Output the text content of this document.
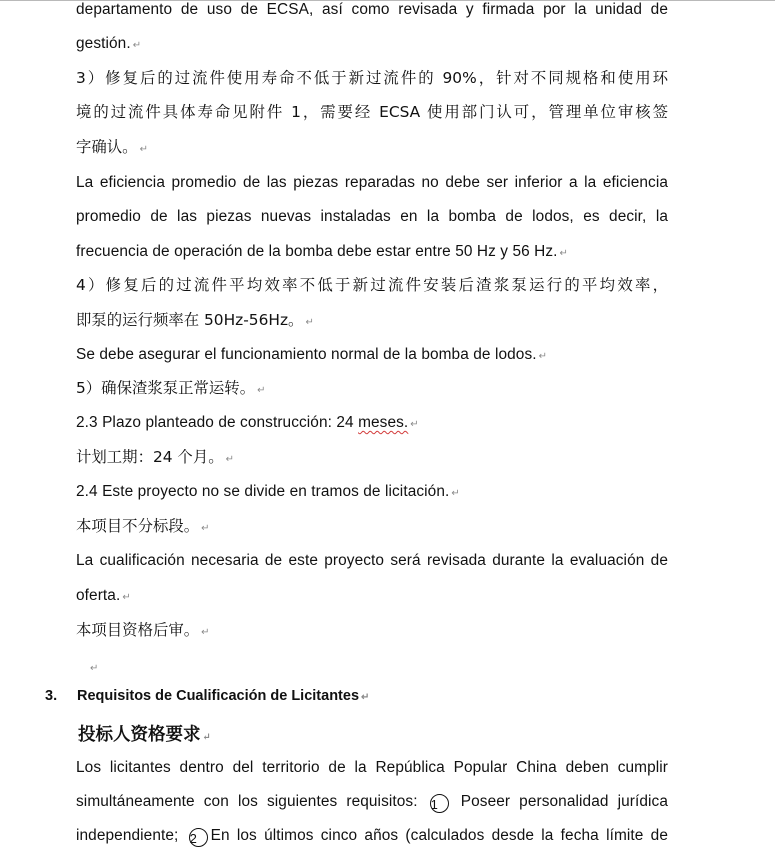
departamento de uso de ECSA, así como revisada y firmada por la unidad de
gestión. ↵
3）修复后的过流件使用寿命不低于新过流件的 90%，针对不同规格和使用环
境的过流件具体寿命见附件 1，需要经 ECSA 使用部门认可，管理单位审核签
字确认。 ↵
La eficiencia promedio de las piezas reparadas no debe ser inferior a la eficiencia
promedio de las piezas nuevas instaladas en la bomba de lodos, es decir, la
frecuencia de operación de la bomba debe estar entre 50 Hz y 56 Hz. ↵
4）修复后的过流件平均效率不低于新过流件安装后渣浆泵运行的平均效率，
即泵的运行频率在 50Hz-56Hz。 ↵
Se debe asegurar el funcionamiento normal de la bomba de lodos. ↵
5）确保渣浆泵正常运转。 ↵
2.3 Plazo planteado de construcción: 24 meses. ↵
计划工期：24 个月。 ↵
2.4 Este proyecto no se divide en tramos de licitación. ↵
本项目不分标段。 ↵
La cualificación necesaria de este proyecto será revisada durante la evaluación de
oferta. ↵
本项目资格后审。 ↵
↵
3. Requisitos de Cualificación de Licitantes ↵
投标人资格要求 ↵
Los licitantes dentro del territorio de la República Popular China deben cumplir
simultáneamente con los siguientes requisitos: 1 Poseer personalidad jurídica
independiente; 2 En los últimos cinco años (calculados desde la fecha límite de
